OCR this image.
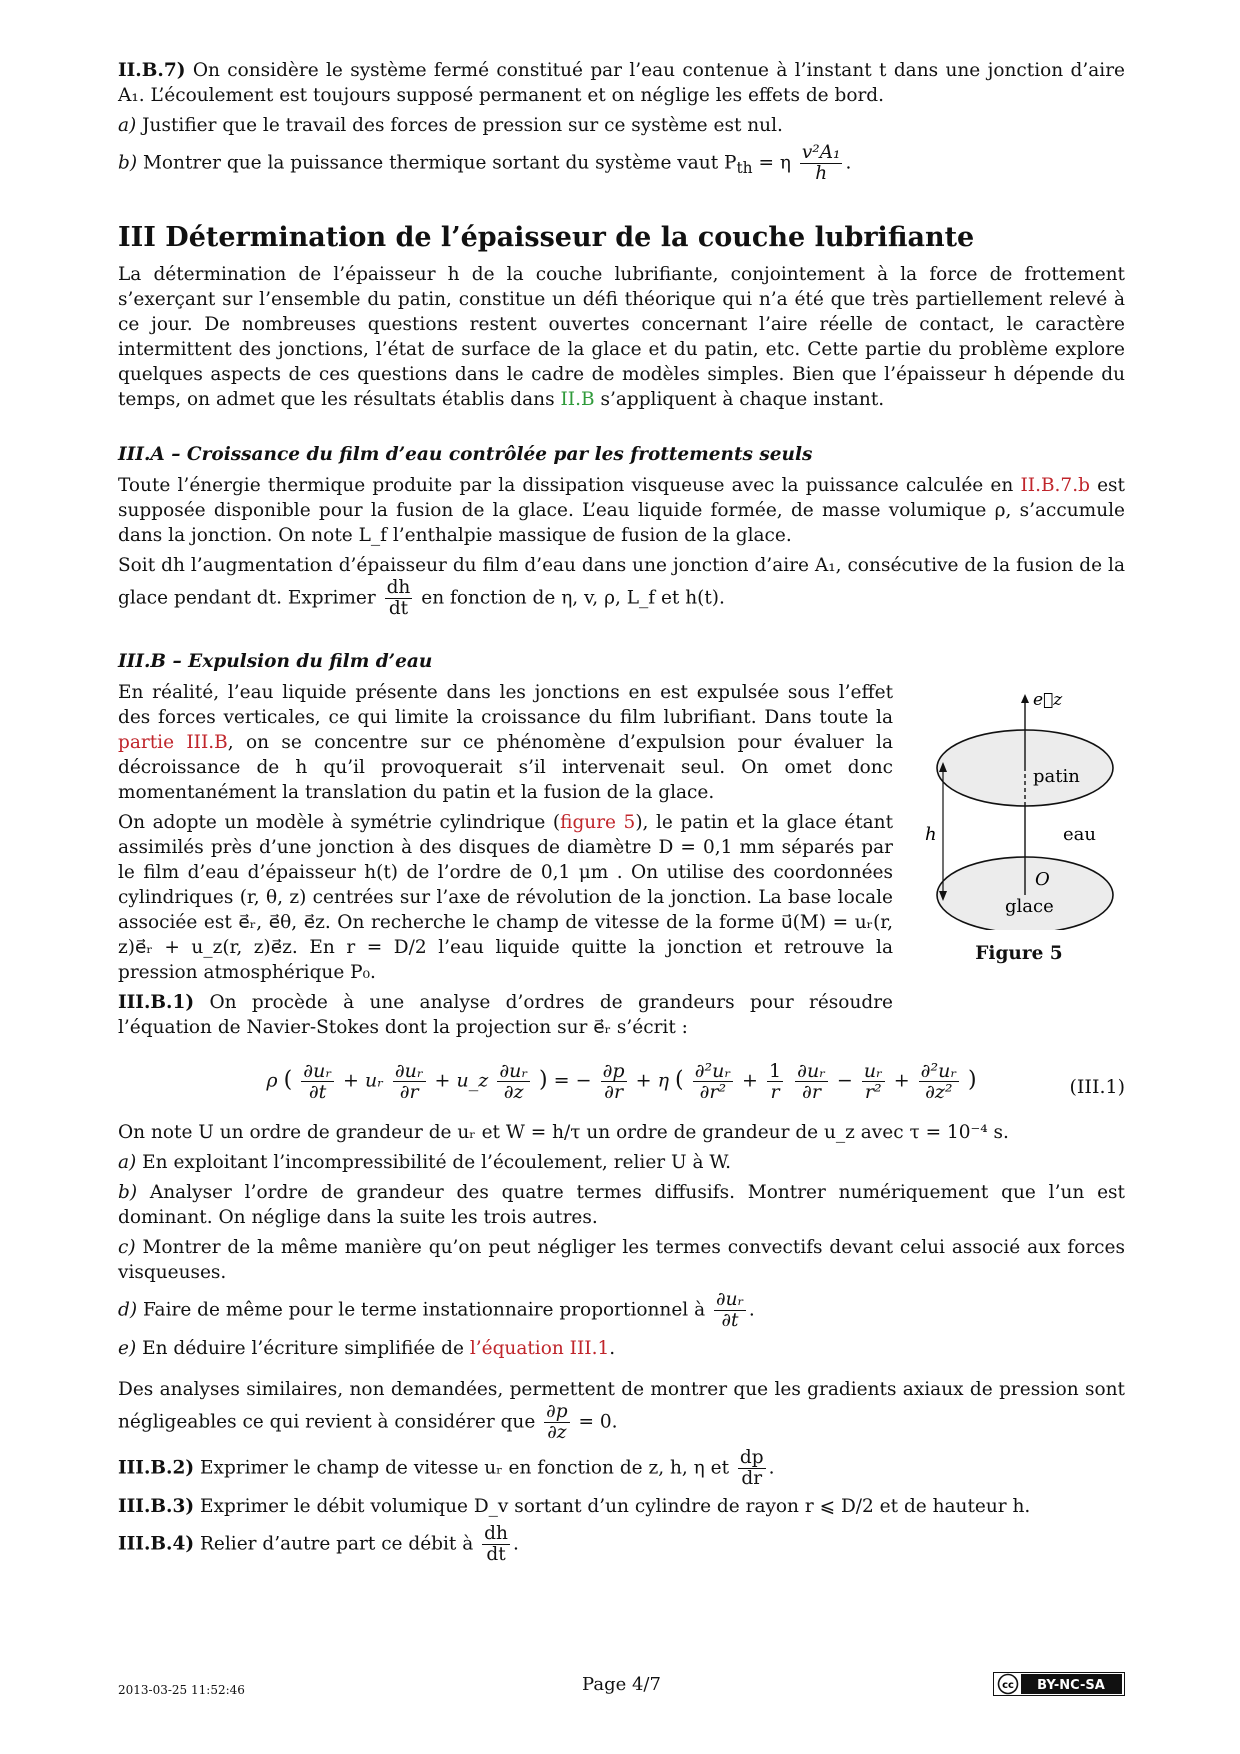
II.B.7) On considère le système fermé constitué par l’eau contenue à l’instant t dans une jonction d’aire A₁. L’écoulement est toujours supposé permanent et on néglige les effets de bord.

a) Justifier que le travail des forces de pression sur ce système est nul.

b) Montrer que la puissance thermique sortant du système vaut $P_{th} = \eta \frac{\text{v²A₁}}{h}$ .

III Détermination de l’épaisseur de la couche lubrifiante

La détermination de l’épaisseur h de la couche lubrifiante, conjointement à la force de frottement s’exerçant sur l’ensemble du patin, constitue un défi théorique qui n’a été que très partiellement relevé à ce jour. De nombreuses questions restent ouvertes concernant l’aire réelle de contact, le caractère intermittent des jonctions, l’état de surface de la glace et du patin, etc. Cette partie du problème explore quelques aspects de ces questions dans le cadre de modèles simples. Bien que l’épaisseur h dépende du temps, on admet que les résultats établis dans II.B s’appliquent à chaque instant.

III.A – Croissance du film d’eau contrôlée par les frottements seuls

Toute l’énergie thermique produite par la dissipation visqueuse avec la puissance calculée en II.B.7.b est supposée disponible pour la fusion de la glace. L’eau liquide formée, de masse volumique ρ, s’accumule dans la jonction. On note L_f l’enthalpie massique de fusion de la glace.

Soit dh l’augmentation d’épaisseur du film d’eau dans une jonction d’aire A₁, consécutive de la fusion de la glace pendant dt. Exprimer $\frac{dh}{dt}$ en fonction de η, v, ρ, L_f et h(t).

III.B – Expulsion du film d’eau

En réalité, l’eau liquide présente dans les jonctions en est expulsée sous l’effet des forces verticales, ce qui limite la croissance du film lubrifiant. Dans toute la partie III.B, on se concentre sur ce phénomène d’expulsion pour évaluer la décroissance de h qu’il provoquerait s’il intervenait seul. On omet donc momentanément la translation du patin et la fusion de la glace.

On adopte un modèle à symétrie cylindrique (figure 5), le patin et la glace étant assimilés près d’une jonction à des disques de diamètre D = 0,1 mm séparés par le film d’eau d’épaisseur h(t) de l’ordre de 0,1 μm . On utilise des coordonnées cylindriques (r, θ, z) centrées sur l’axe de révolution de la jonction. La base locale associée est e⃗ᵣ, e⃗θ, e⃗z. On recherche le champ de vitesse de la forme u⃗(M) = uᵣ(r, z)e⃗ᵣ + u_z(r, z)e⃗z. En r = D/2 l’eau liquide quitte la jonction et retrouve la pression atmosphérique P₀.

III.B.1) On procède à une analyse d’ordres de grandeurs pour résoudre l’équation de Navier-Stokes dont la projection sur e⃗ᵣ s’écrit :

e⃗z
patin
eau
h
O
glace
Figure 5
ρ ( $\frac{\text{∂uᵣ}}{\partial t}$ + uᵣ $\frac{\text{∂uᵣ}}{\partial r}$ + u_z $\frac{\text{∂uᵣ}}{\partial z}$ ) = − $\frac{\partial p}{\partial r} + \eta$ ( $\frac{\text{∂²uᵣ}}{\text{∂r²}} + \frac{1}{r}$
$\frac{\text{∂uᵣ}}{\partial r} - \frac{\text{uᵣ}}{\text{r²}} + \frac{\text{∂²uᵣ}}{\text{∂z²}}$ )	(III.1)

On note U un ordre de grandeur de uᵣ et W = h/τ un ordre de grandeur de u_z avec τ = 10⁻⁴ s.

a) En exploitant l’incompressibilité de l’écoulement, relier U à W.

b) Analyser l’ordre de grandeur des quatre termes diffusifs. Montrer numériquement que l’un est dominant. On néglige dans la suite les trois autres.

c) Montrer de la même manière qu’on peut négliger les termes convectifs devant celui associé aux forces visqueuses.

d) Faire de même pour le terme instationnaire proportionnel à $\frac{\text{∂uᵣ}}{\partial t}$ .

e) En déduire l’écriture simplifiée de l’équation III.1.

Des analyses similaires, non demandées, permettent de montrer que les gradients axiaux de pression sont négligeables ce qui revient à considérer que $\frac{\partial p}{\partial z} = 0$.

III.B.2) Exprimer le champ de vitesse uᵣ en fonction de z, h, η et $\frac{dp}{dr}$ .

III.B.3) Exprimer le débit volumique D_v sortant d’un cylindre de rayon r ⩽ D/2 et de hauteur h.

III.B.4) Relier d’autre part ce débit à $\frac{dh}{dt}$ .

2013-03-25 11:52:46	Page 4/7	cc BY-NC-SA
